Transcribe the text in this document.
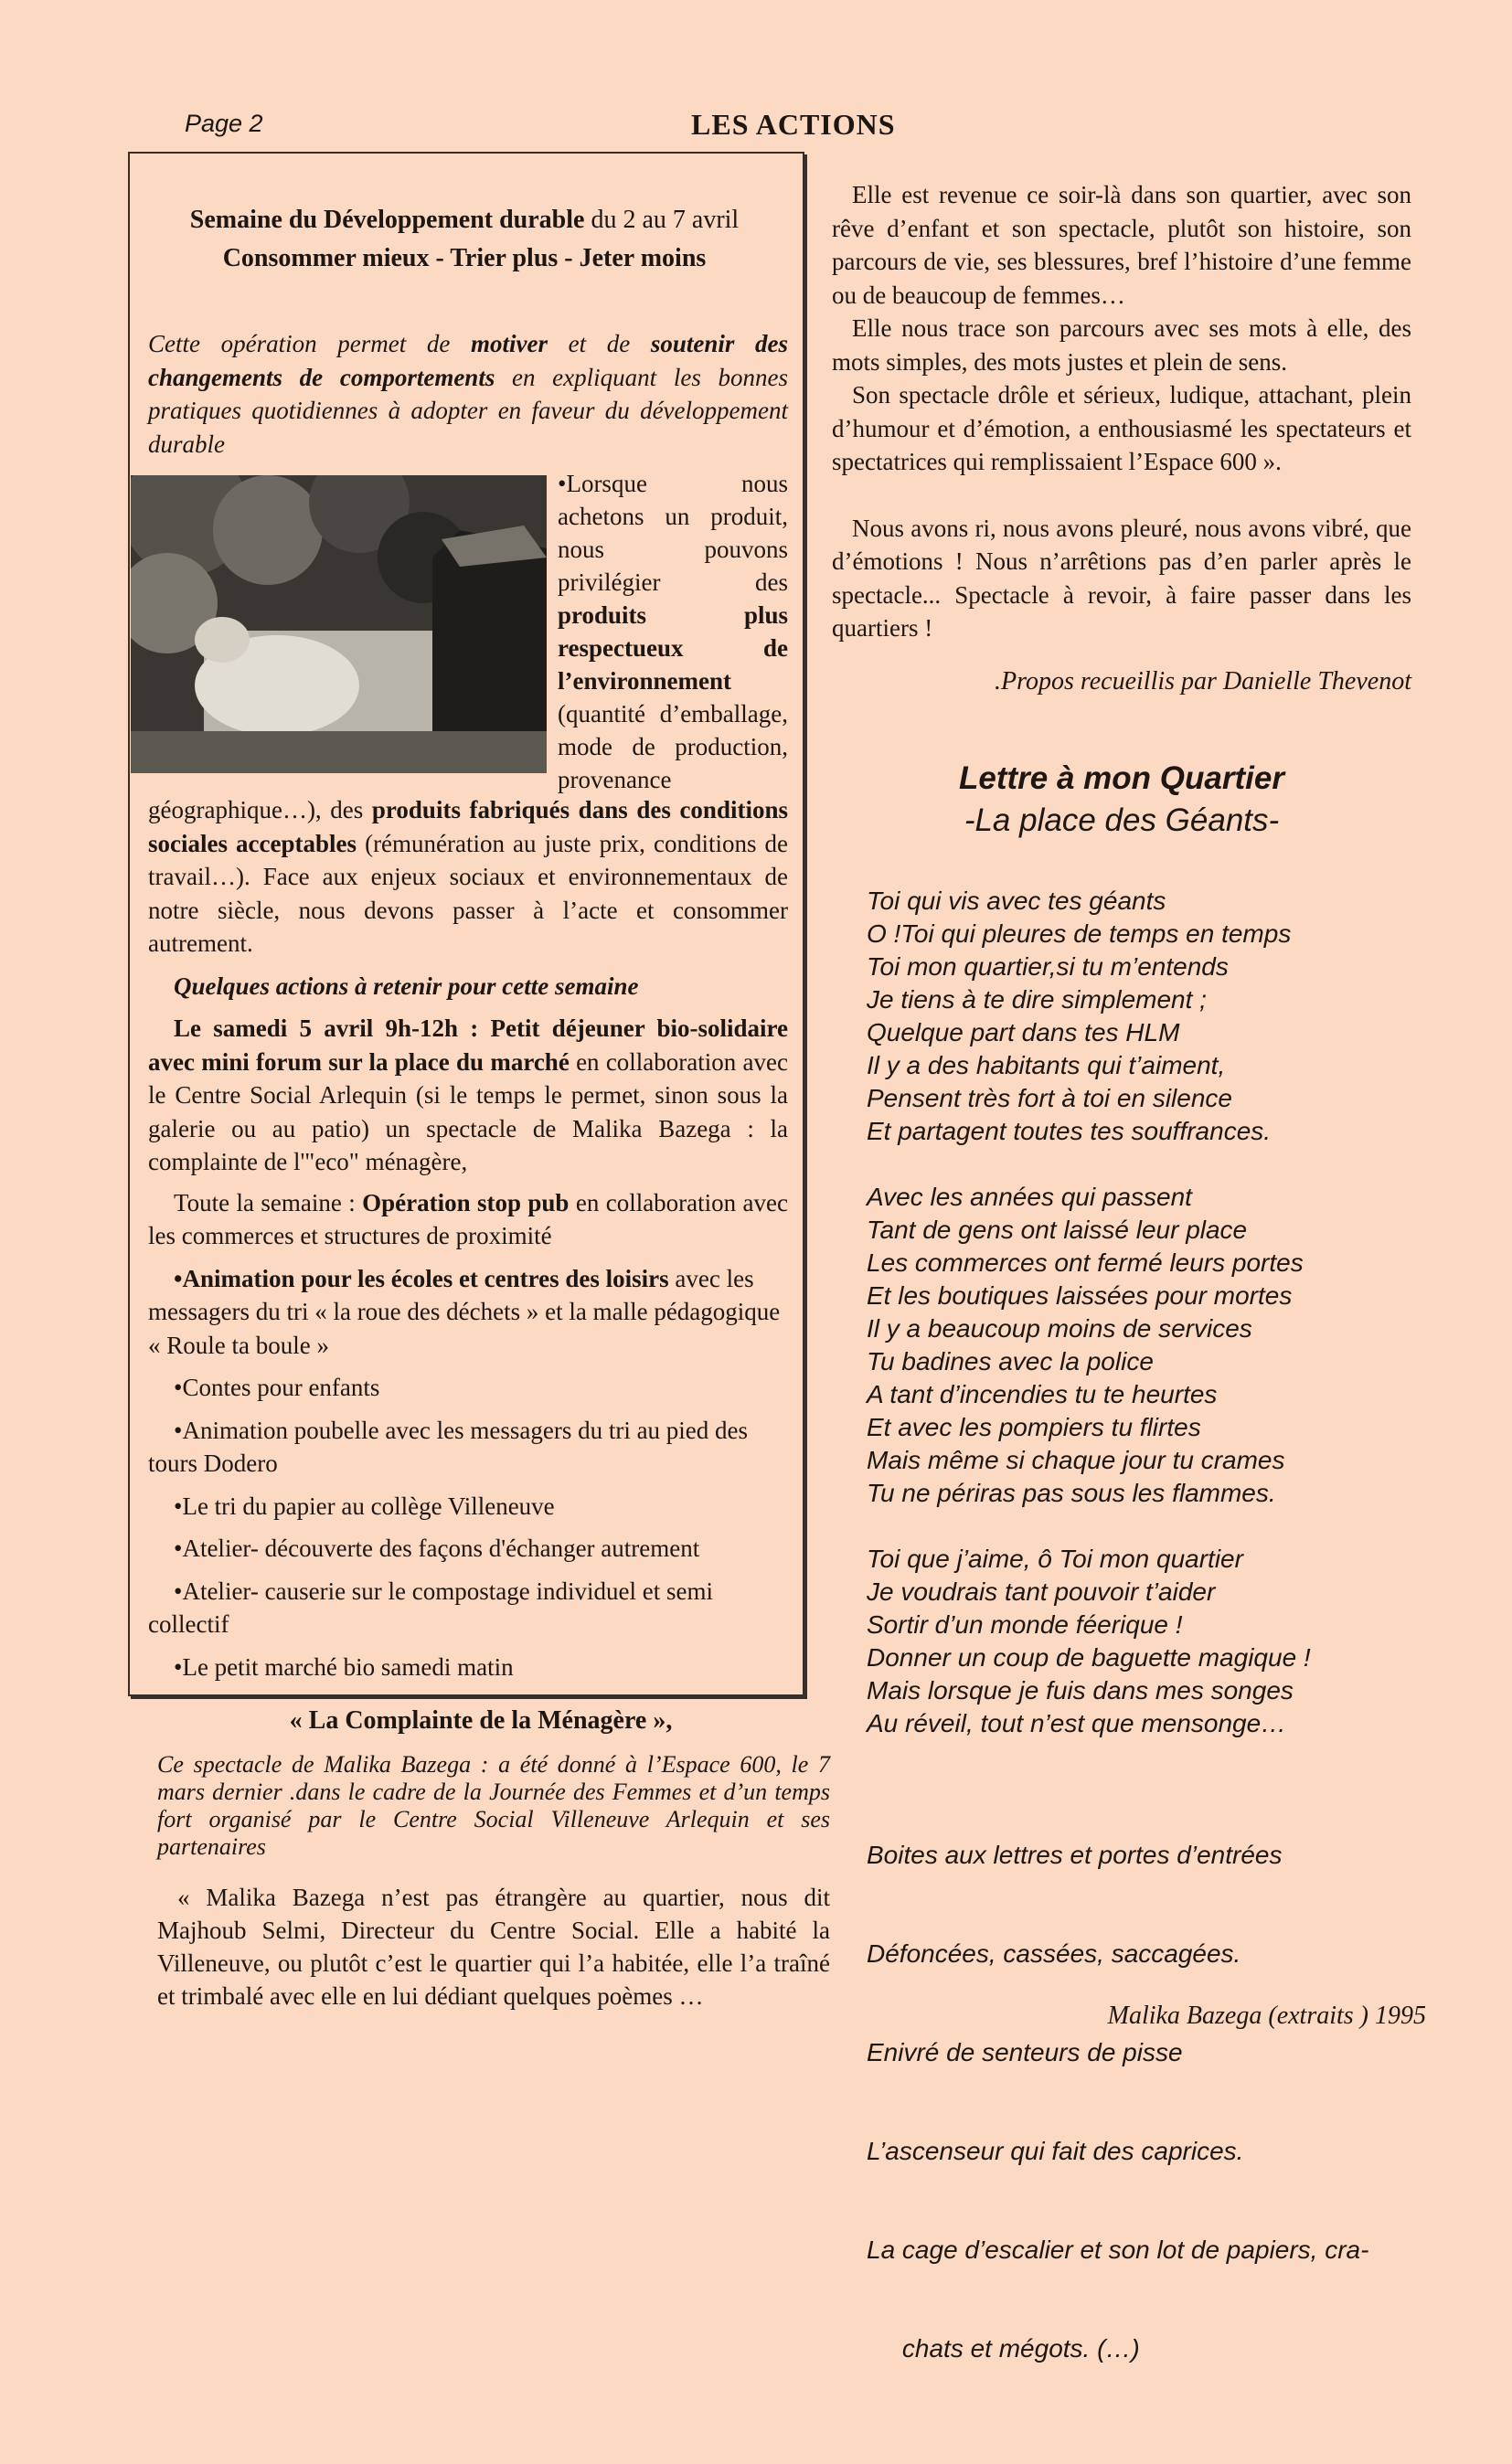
Page 2	LES ACTIONS
Semaine du Développement durable du 2 au 7 avril
Consommer mieux - Trier plus - Jeter moins
Cette opération permet de motiver et de soutenir des changements de comportements en expliquant les bonnes pratiques quotidiennes à adopter en faveur du développement durable
•Lorsque nous achetons un produit, nous pouvons privilégier des produits plus respectueux de l’environnement (quantité d’emballage, mode de production, provenance
géographique…), des produits fabriqués dans des conditions sociales acceptables (rémunération au juste prix, conditions de travail…). Face aux enjeux sociaux et environnementaux de notre siècle, nous devons passer à l’acte et consommer autrement.
Quelques actions à retenir pour cette semaine
Le samedi 5 avril 9h-12h : Petit déjeuner bio-solidaire avec mini forum sur la place du marché en collaboration avec le Centre Social Arlequin (si le temps le permet, sinon sous la galerie ou au patio) un spectacle de Malika Bazega : la complainte de l'"eco" ménagère,
Toute la semaine : Opération stop pub en collaboration avec les commerces et structures de proximité
•Animation pour les écoles et centres des loisirs avec les messagers du tri « la roue des déchets » et la malle pédagogique « Roule ta boule »
•Contes pour enfants
•Animation poubelle avec les messagers du tri au pied des tours Dodero
•Le tri du papier au collège Villeneuve
•Atelier- découverte des façons d'échanger autrement
•Atelier- causerie sur le compostage individuel et semi collectif
•Le petit marché bio samedi matin
« La Complainte de la Ménagère »,
Ce spectacle de Malika Bazega : a été donné à l’Espace 600, le 7 mars dernier .dans le cadre de la Journée des Femmes et d’un temps fort organisé par le Centre Social Villeneuve Arlequin et ses partenaires
« Malika Bazega n’est pas étrangère au quartier, nous dit Majhoub Selmi, Directeur du Centre Social. Elle a habité la Villeneuve, ou plutôt c’est le quartier qui l’a habitée, elle l’a traîné et trimbalé avec elle en lui dédiant quelques poèmes …
Elle est revenue ce soir-là dans son quartier, avec son rêve d’enfant et son spectacle, plutôt son histoire, son parcours de vie, ses blessures, bref l’histoire d’une femme ou de beaucoup de femmes…
Elle nous trace son parcours avec ses mots à elle, des mots simples, des mots justes et plein de sens.
Son spectacle drôle et sérieux, ludique, attachant, plein d’humour et d’émotion, a enthousiasmé les spectateurs et spectatrices qui remplissaient l’Espace 600 ».
Nous avons ri, nous avons pleuré, nous avons vibré, que d’émotions ! Nous n’arrêtions pas d’en parler après le spectacle... Spectacle à revoir, à faire passer dans les quartiers !
.Propos recueillis par Danielle Thevenot
Lettre à mon Quartier
-La place des Géants-
Toi qui vis avec tes géants
O !Toi qui pleures de temps en temps
Toi mon quartier,si tu m’entends
Je tiens à te dire simplement ;
Quelque part dans tes HLM
Il y a des habitants qui t’aiment,
Pensent très fort à toi en silence
Et partagent toutes tes souffrances.
Avec les années qui passent
Tant de gens ont laissé leur place
Les commerces ont fermé leurs portes
Et les boutiques laissées pour mortes
Il y a beaucoup moins de services
Tu badines avec la police
A tant d’incendies tu te heurtes
Et avec les pompiers tu flirtes
Mais même si chaque jour tu crames
Tu ne périras pas sous les flammes.
Toi que j’aime, ô Toi mon quartier
Je voudrais tant pouvoir t’aider
Sortir d’un monde féerique !
Donner un coup de baguette magique !
Mais lorsque je fuis dans mes songes
Au réveil, tout n’est que mensonge…

Boites aux lettres et portes d’entrées

Défoncées, cassées, saccagées.

Enivré de senteurs de pisse

L’ascenseur qui fait des caprices.

La cage d’escalier et son lot de papiers, cra-

chats et mégots. (…)

Malika Bazega (extraits ) 1995
